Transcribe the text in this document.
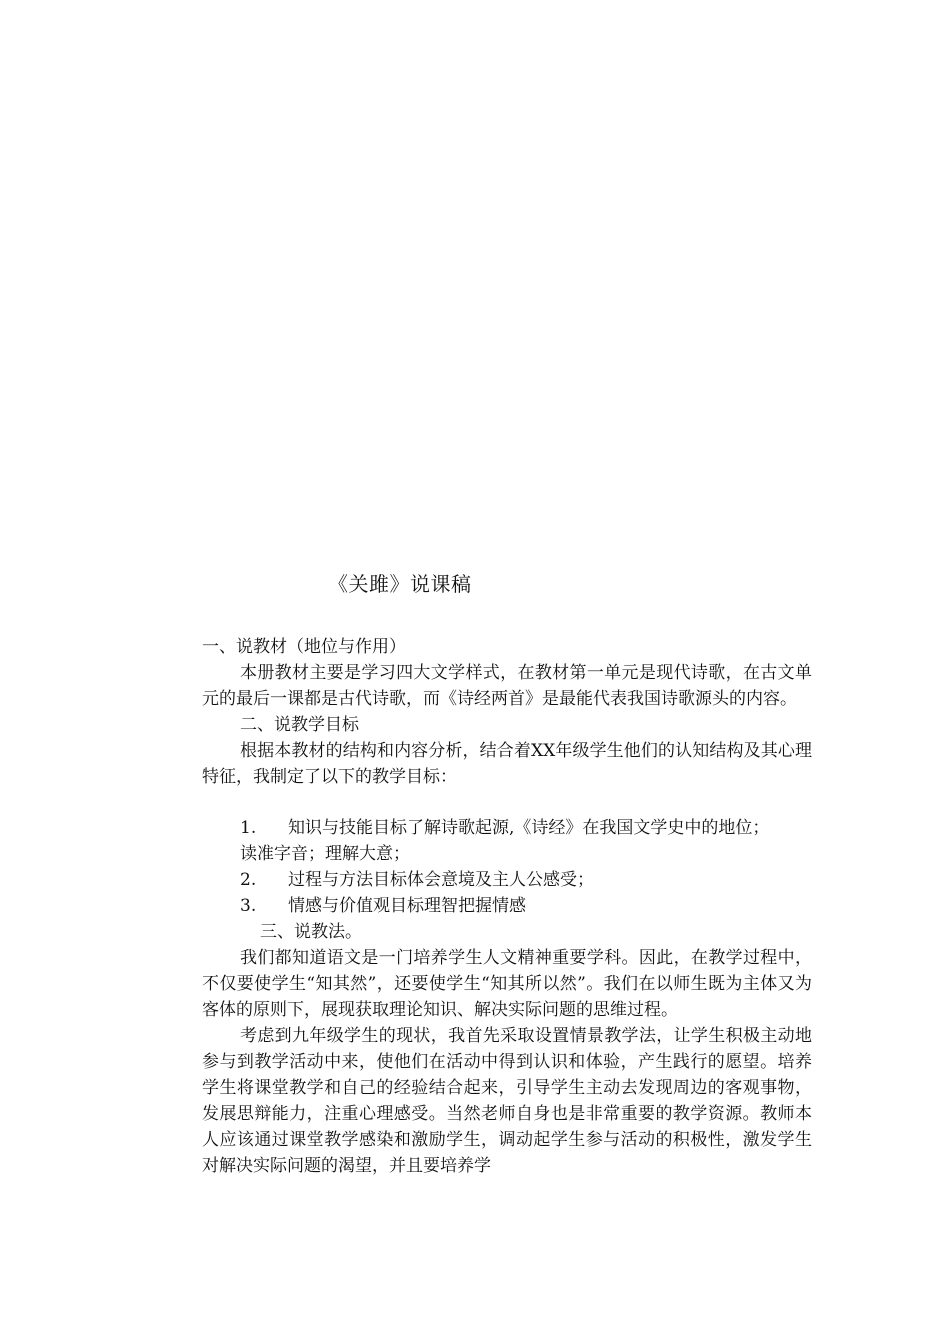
《关雎》说课稿

一、说教材（地位与作用）

本册教材主要是学习四大文学样式，在教材第一单元是现代诗歌，在古文单元的最后一课都是古代诗歌，而《诗经两首》是最能代表我国诗歌源头的内容。

二、说教学目标

根据本教材的结构和内容分析，结合着XX年级学生他们的认知结构及其心理特征，我制定了以下的教学目标：

1.	知识与技能目标了解诗歌起源,《诗经》在我国文学史中的地位；

读准字音；理解大意；

2.	过程与方法目标体会意境及主人公感受；
3.	情感与价值观目标理智把握情感

三、说教法。

我们都知道语文是一门培养学生人文精神重要学科。因此，在教学过程中，不仅要使学生“知其然”，还要使学生“知其所以然”。我们在以师生既为主体又为客体的原则下，展现获取理论知识、解决实际问题的思维过程。

考虑到九年级学生的现状，我首先采取设置情景教学法，让学生积极主动地参与到教学活动中来，使他们在活动中得到认识和体验，产生践行的愿望。培养学生将课堂教学和自己的经验结合起来，引导学生主动去发现周边的客观事物，发展思辩能力，注重心理感受。当然老师自身也是非常重要的教学资源。教师本人应该通过课堂教学感染和激励学生，调动起学生参与活动的积极性，激发学生对解决实际问题的渴望，并且要培养学
